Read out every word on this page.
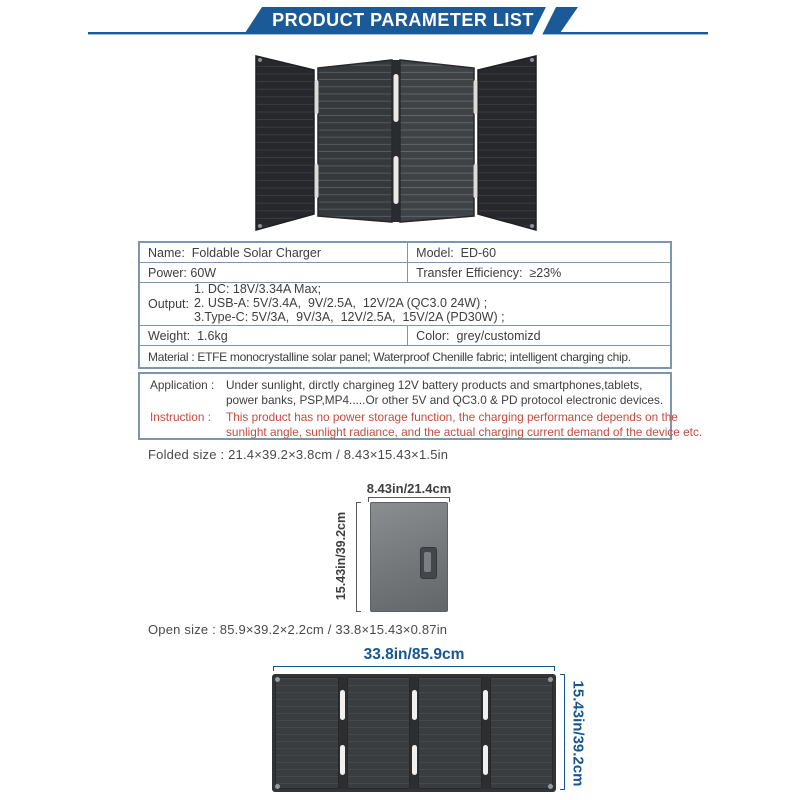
PRODUCT PARAMETER LIST
Name:  Foldable Solar Charger	Model:  ED-60
Power: 60W	Transfer Efficiency:  ≥23%
Output:
1. DC: 18V/3.34A Max;
2. USB-A: 5V/3.4A,  9V/2.5A,  12V/2A (QC3.0 24W) ;
3.Type-C: 5V/3A,  9V/3A,  12V/2.5A,  15V/2A (PD30W) ;
Weight:  1.6kg	Color:  grey/customizd
Material : ETFE monocrystalline solar panel; Waterproof Chenille fabric; intelligent charging chip.
Application : Under sunlight, dirctly chargineg 12V battery products and smartphones,tablets,
power banks, PSP,MP4.....Or other 5V and QC3.0 & PD protocol electronic devices.
Instruction :	This product has no power storage function, the charging performance depends on the
sunlight angle, sunlight radiance, and the actual charging current demand of the device etc.
Folded size : 21.4×39.2×3.8cm / 8.43×15.43×1.5in
8.43in/21.4cm
15.43in/39.2cm
Open size : 85.9×39.2×2.2cm / 33.8×15.43×0.87in
33.8in/85.9cm
15.43in/39.2cm
